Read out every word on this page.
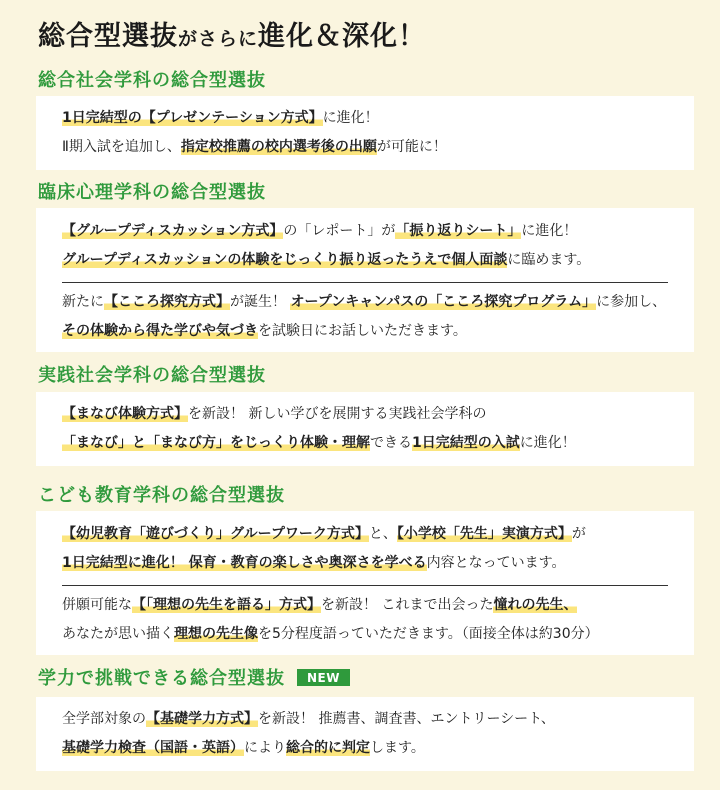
総合型選抜がさらに進化＆深化！
総合社会学科の総合型選抜
1日完結型の【プレゼンテーション方式】に進化！
Ⅱ期入試を追加し、指定校推薦の校内選考後の出願が可能に！
臨床心理学科の総合型選抜
【グループディスカッション方式】の「レポート」が「振り返りシート」に進化！
グループディスカッションの体験をじっくり振り返ったうえで個人面談に臨めます。
新たに【こころ探究方式】が誕生！ オープンキャンパスの「こころ探究プログラム」に参加し、
その体験から得た学びや気づきを試験日にお話しいただきます。
実践社会学科の総合型選抜
【まなび体験方式】を新設！ 新しい学びを展開する実践社会学科の
「まなび」と「まなび方」をじっくり体験・理解できる1日完結型の入試に進化！
こども教育学科の総合型選抜
【幼児教育「遊びづくり」グループワーク方式】と、【小学校「先生」実演方式】が
1日完結型に進化！ 保育・教育の楽しさや奥深さを学べる内容となっています。
併願可能な【「理想の先生を語る」方式】を新設！ これまで出会った憧れの先生、
あなたが思い描く理想の先生像を5分程度語っていただきます。（面接全体は約30分）
学力で挑戦できる総合型選抜 NEW
全学部対象の【基礎学力方式】を新設！ 推薦書、調査書、エントリーシート、
基礎学力検査（国語・英語）により総合的に判定します。
